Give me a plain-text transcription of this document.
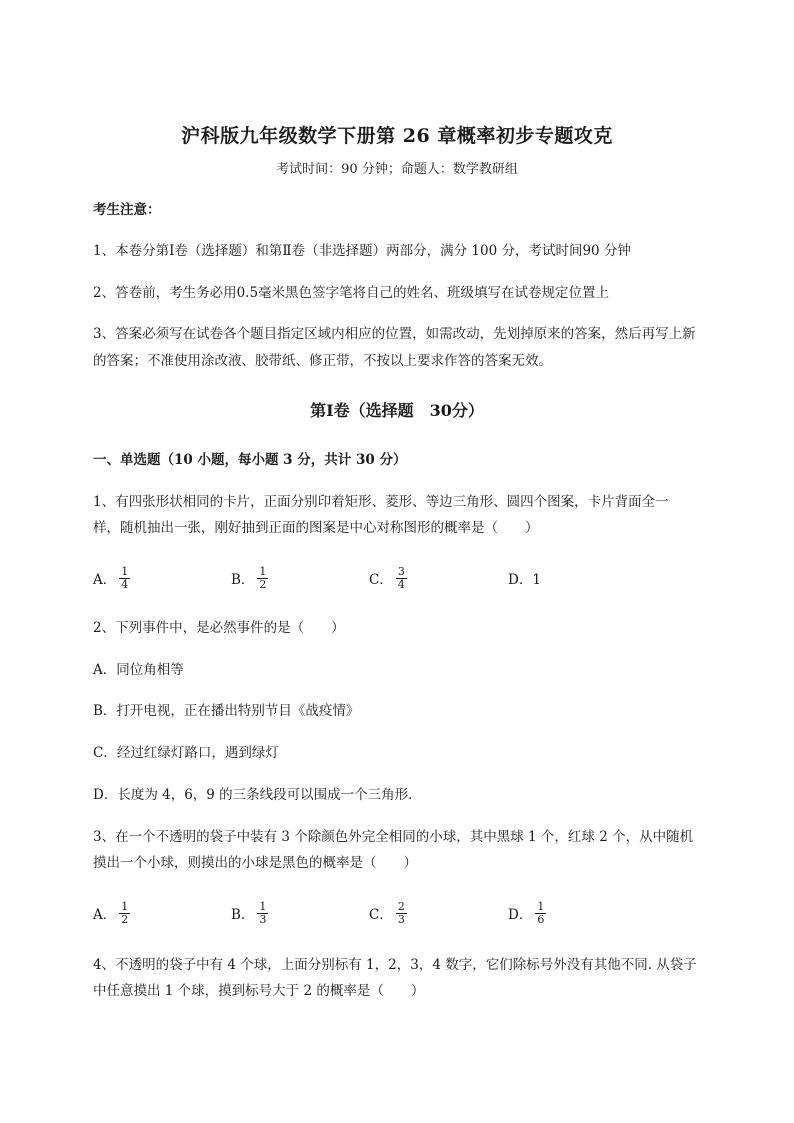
沪科版九年级数学下册第 26 章概率初步专题攻克
考试时间：90 分钟；命题人：数学教研组
考生注意：
1、本卷分第Ⅰ卷（选择题）和第Ⅱ卷（非选择题）两部分，满分 100 分，考试时间90 分钟
2、答卷前，考生务必用0.5毫米黑色签字笔将自己的姓名、班级填写在试卷规定位置上
3、答案必须写在试卷各个题目指定区域内相应的位置，如需改动，先划掉原来的答案，然后再写上新
的答案；不准使用涂改液、胶带纸、修正带，不按以上要求作答的答案无效。
第Ⅰ卷（选择题　30分）
一、单选题（10 小题，每小题 3 分，共计 30 分）
1、有四张形状相同的卡片，正面分别印着矩形、菱形、等边三角形、圆四个图案，卡片背面全一
样，随机抽出一张，刚好抽到正面的图案是中心对称图形的概率是（　　）
A． $\frac{1}{4}$	B． $\frac{1}{2}$	C． $\frac{3}{4}$	D．1
2、下列事件中，是必然事件的是（　　）
A．同位角相等
B．打开电视，正在播出特别节目《战疫情》
C．经过红绿灯路口，遇到绿灯
D．长度为 4，6，9 的三条线段可以围成一个三角形．
3、在一个不透明的袋子中装有 3 个除颜色外完全相同的小球，其中黑球 1 个，红球 2 个，从中随机
摸出一个小球，则摸出的小球是黑色的概率是（　　）
A． $\frac{1}{2}$	B． $\frac{1}{3}$	C． $\frac{2}{3}$	D． $\frac{1}{6}$
4、不透明的袋子中有 4 个球，上面分别标有 1，2，3，4 数字，它们除标号外没有其他不同. 从袋子
中任意摸出 1 个球，摸到标号大于 2 的概率是（　　）
